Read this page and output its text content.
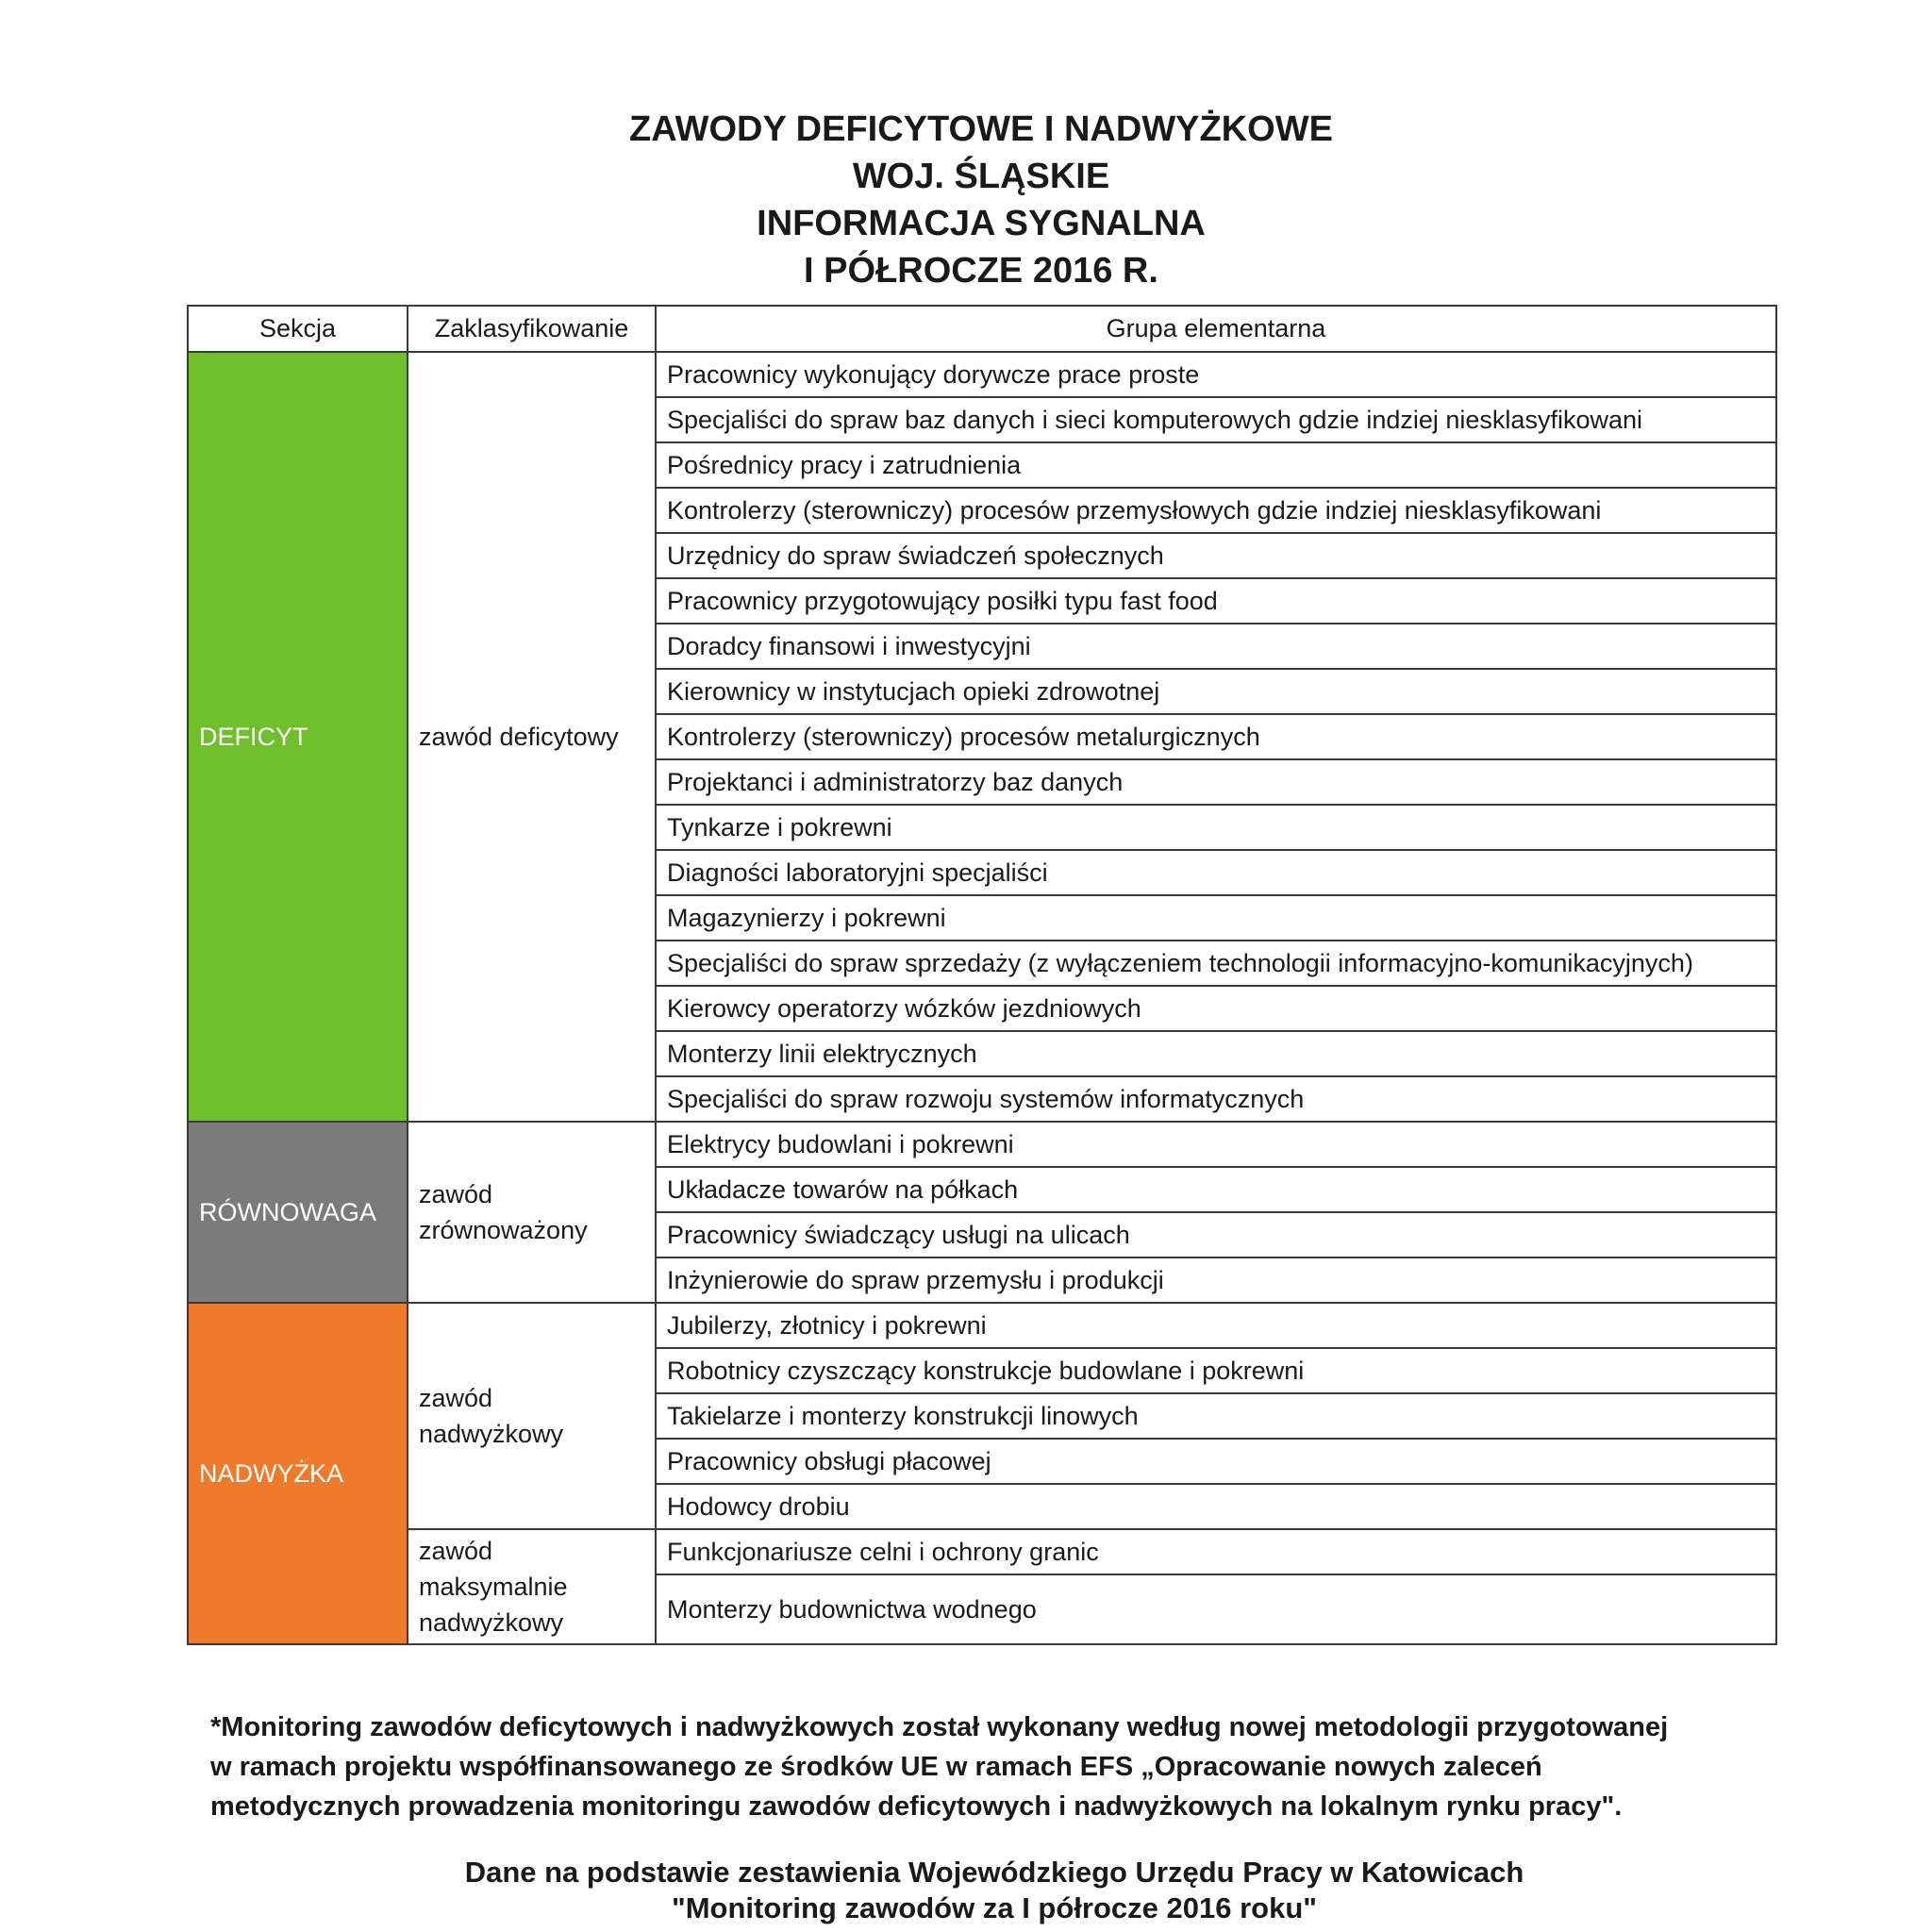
ZAWODY DEFICYTOWE I NADWYŻKOWE
WOJ. ŚLĄSKIE
INFORMACJA SYGNALNA
I PÓŁROCZE 2016 R.
Sekcja	Zaklasyfikowanie	Grupa elementarna
DEFICYT	zawód deficytowy	Pracownicy wykonujący dorywcze prace proste
		Specjaliści do spraw baz danych i sieci komputerowych gdzie indziej niesklasyfikowani
		Pośrednicy pracy i zatrudnienia
		Kontrolerzy (sterowniczy) procesów przemysłowych gdzie indziej niesklasyfikowani
		Urzędnicy do spraw świadczeń społecznych
		Pracownicy przygotowujący posiłki typu fast food
		Doradcy finansowi i inwestycyjni
		Kierownicy w instytucjach opieki zdrowotnej
		Kontrolerzy (sterowniczy) procesów metalurgicznych
		Projektanci i administratorzy baz danych
		Tynkarze i pokrewni
		Diagności laboratoryjni specjaliści
		Magazynierzy i pokrewni
		Specjaliści do spraw sprzedaży (z wyłączeniem technologii informacyjno-komunikacyjnych)
		Kierowcy operatorzy wózków jezdniowych
		Monterzy linii elektrycznych
		Specjaliści do spraw rozwoju systemów informatycznych
RÓWNOWAGA	zawód
zrównoważony	Elektrycy budowlani i pokrewni
		Układacze towarów na półkach
		Pracownicy świadczący usługi na ulicach
		Inżynierowie do spraw przemysłu i produkcji
NADWYŻKA	zawód
nadwyżkowy	Jubilerzy, złotnicy i pokrewni
		Robotnicy czyszczący konstrukcje budowlane i pokrewni
		Takielarze i monterzy konstrukcji linowych
		Pracownicy obsługi płacowej
		Hodowcy drobiu
	zawód
maksymalnie
nadwyżkowy	Funkcjonariusze celni i ochrony granic
		Monterzy budownictwa wodnego
*Monitoring zawodów deficytowych i nadwyżkowych został wykonany według nowej metodologii przygotowanej
w ramach projektu współfinansowanego ze środków UE w ramach EFS „Opracowanie nowych zaleceń
metodycznych prowadzenia monitoringu zawodów deficytowych i nadwyżkowych na lokalnym rynku pracy".
Dane na podstawie zestawienia Wojewódzkiego Urzędu Pracy w Katowicach
"Monitoring zawodów za I półrocze 2016 roku"
